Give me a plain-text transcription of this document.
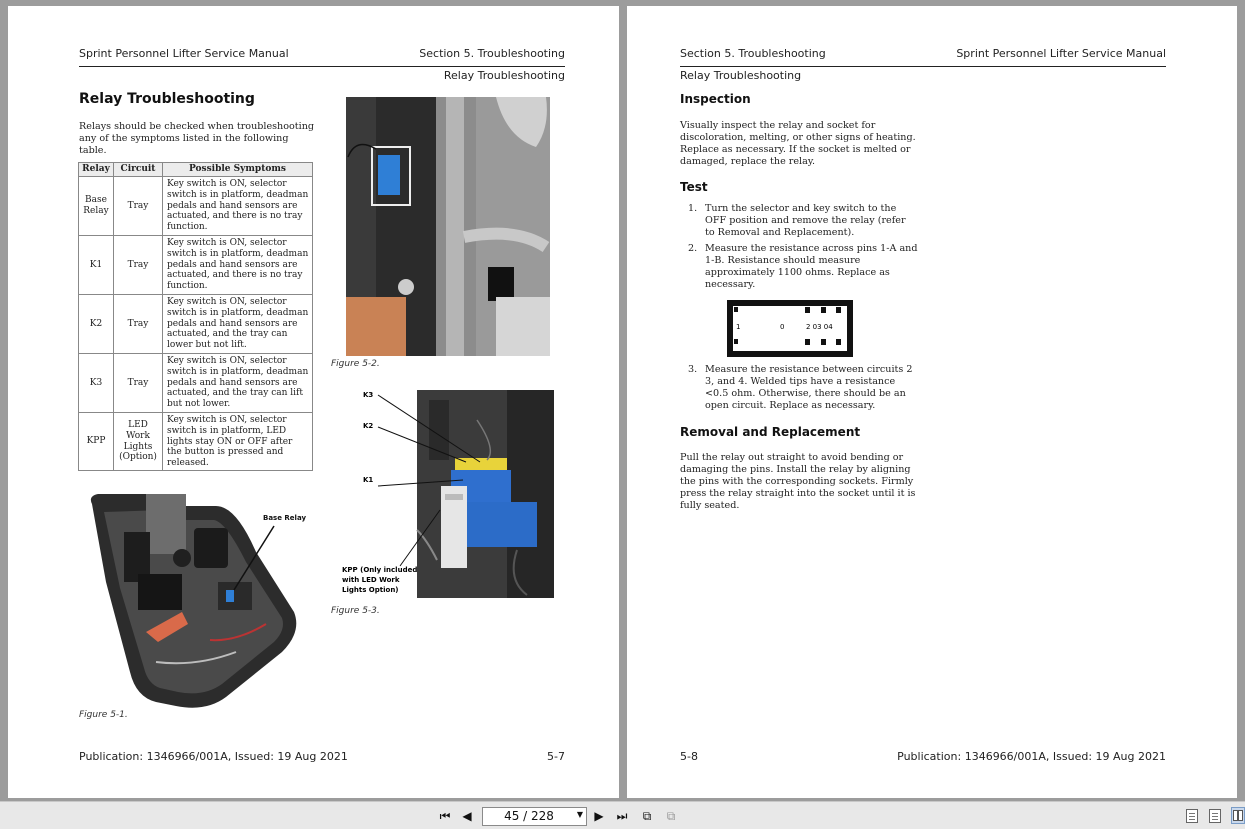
Sprint Personnel Lifter Service Manual	Section 5. Troubleshooting
Relay Troubleshooting
Relay Troubleshooting
Relays should be checked when troubleshooting any of the symptoms listed in the following table.
Relay	Circuit	Possible Symptoms
Base Relay	Tray	Key switch is ON, selector switch is in platform, deadman pedals and hand sensors are actuated, and there is no tray function.
K1	Tray	Key switch is ON, selector switch is in platform, deadman pedals and hand sensors are actuated, and there is no tray function.
K2	Tray	Key switch is ON, selector switch is in platform, deadman pedals and hand sensors are actuated, and the tray can lower but not lift.
K3	Tray	Key switch is ON, selector switch is in platform, deadman pedals and hand sensors are actuated, and the tray can lift but not lower.
KPP	LED Work Lights (Option)	Key switch is ON, selector switch is in platform, LED lights stay ON or OFF after the button is pressed and released.
Base Relay
Figure 5-1.
Figure 5-2.
K3
K2
K1
KPP (Only included with LED Work Lights Option)
Figure 5-3.
Publication: 1346966/001A, Issued: 19 Aug 2021	5-7
Section 5. Troubleshooting	Sprint Personnel Lifter Service Manual
Relay Troubleshooting
Inspection
Visually inspect the relay and socket for discoloration, melting, or other signs of heating. Replace as necessary. If the socket is melted or damaged, replace the relay.
Test
1. Turn the selector and key switch to the OFF position and remove the relay (refer to Removal and Replacement).
2. Measure the resistance across pins 1-A and 1-B. Resistance should measure approximately 1100 ohms. Replace as necessary.
1	0	2 03 04
3. Measure the resistance between circuits 2 3, and 4. Welded tips have a resistance <0.5 ohm. Otherwise, there should be an open circuit. Replace as necessary.
Removal and Replacement
Pull the relay out straight to avoid bending or damaging the pins. Install the relay by aligning the pins with the corresponding sockets. Firmly press the relay straight into the socket until it is fully seated.
5-8	Publication: 1346966/001A, Issued: 19 Aug 2021
⏮ ◀	45 / 228	▼ ▶ ⏭ ⧉ ⧉
